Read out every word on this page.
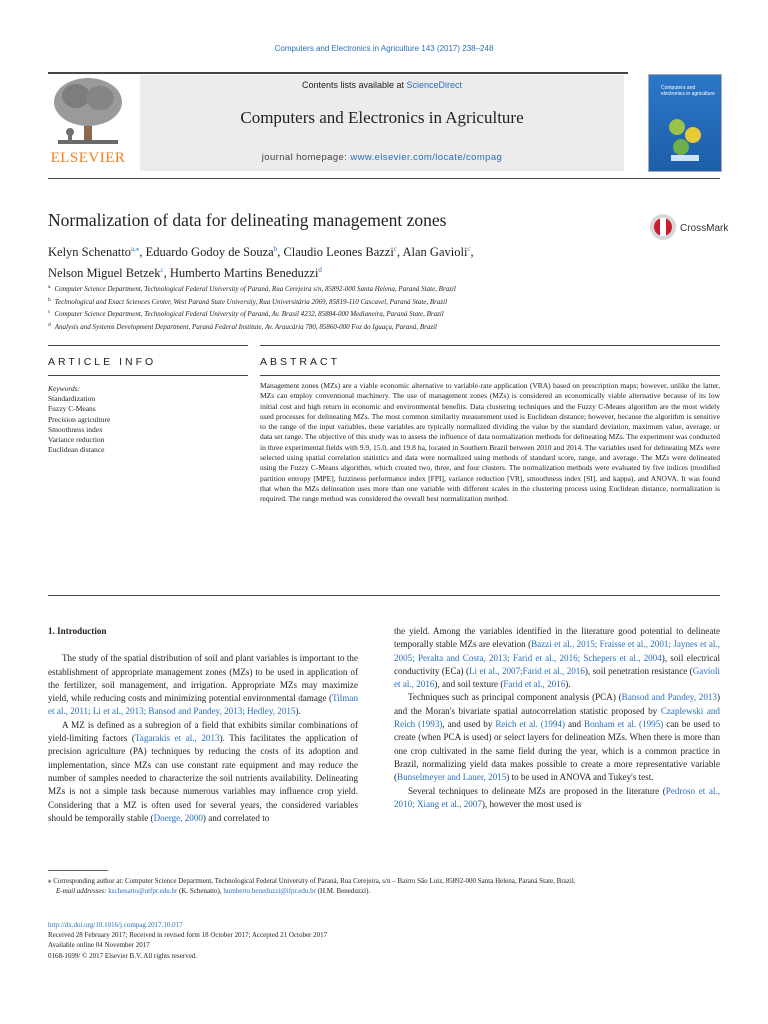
Computers and Electronics in Agriculture 143 (2017) 238–248
ELSEVIER
Contents lists available at ScienceDirect
Computers and Electronics in Agriculture
journal homepage: www.elsevier.com/locate/compag
Computers and electronics in agriculture
Normalization of data for delineating management zones	CrossMark
Kelyn Schenatto$^{a,⁎}$, Eduardo Godoy de Souza$^b$, Claudio Leones Bazzi$^c$, Alan Gavioli$^c$,
Nelson Miguel Betzek$^c$, Humberto Martins Beneduzzi$^d$
$^a$ Computer Science Department, Technological Federal University of Paraná, Rua Cerejeira s/n, 85892-000 Santa Helena, Paraná State, Brazil
$^b$ Technological and Exact Sciences Center, West Paraná State University, Rua Universitária 2069, 85819-110 Cascavel, Paraná State, Brazil
$^c$ Computer Science Department, Technological Federal University of Paraná, Av. Brasil 4232, 85884-000 Medianeira, Paraná State, Brazil
$^d$ Analysis and Systems Development Department, Paraná Federal Institute, Av. Araucária 780, 85860-000 Foz do Iguaçu, Paraná, Brazil
ARTICLE INFO	ABSTRACT
Keywords:
Standardization
Fuzzy C-Means
Precision agriculture
Smoothness index
Variance reduction
Euclidean distance
Management zones (MZs) are a viable economic alternative to variable-rate application (VRA) based on prescription maps; however, unlike the latter, MZs can employ conventional machinery. The use of management zones (MZs) is considered an economically viable alternative because of its low initial cost and high return in economic and environmental benefits. Data clustering techniques and the Fuzzy C-Means algorithm are the most widely used processes for delineating MZs. The most common similarity measurement used is Euclidean distance; however, because the algorithm is sensitive to the range of the input variables, these variables are typically normalized dividing the value by the standard deviation, maximum value, average, or data set range. The objective of this study was to assess the influence of data normalization methods for delineating MZs. The experiment was conducted in three experimental fields with 9.9, 15.0, and 19.8 ha, located in Southern Brazil between 2010 and 2014. The variables used for delineating MZs were selected using spatial correlation statistics and data were normalized using methods of standard score, range, and average. The MZs were delineated using the Fuzzy C-Means algorithm, which created two, three, and four clusters. The normalization methods were evaluated by five indices (modified partition entropy [MPE], fuzziness performance index [FPI], variance reduction [VR], smoothness index [SI], and kappa), and ANOVA. It was found that when the MZs delineation uses more than one variable with different scales in the clustering process using Euclidean distance, normalization is required. The range method was considered the overall best normalization method.

1. Introduction

The study of the spatial distribution of soil and plant variables is important to the establishment of appropriate management zones (MZs) to be used in application of the fertilizer, soil management, and irrigation. Appropriate MZs may maximize yield, while reducing costs and minimizing potential environmental damage (Tilman et al., 2011; Li et al., 2013; Bansod and Pandey, 2013; Hedley, 2015).

A MZ is defined as a subregion of a field that exhibits similar combinations of yield-limiting factors (Tagarakis et al., 2013). This facilitates the application of precision agriculture (PA) techniques by reducing the costs of its adoption and implementation, since MZs can use constant rate equipment and may reduce the number of samples needed to characterize the soil nutrients availability. Delineating MZs is not a simple task because numerous variables may influence crop yield. Considering that a MZ is often used for several years, the considered variables should be temporally stable (Doerge, 2000) and correlated to

the yield. Among the variables identified in the literature good potential to delineate temporally stable MZs are elevation (Bazzi et al., 2015; Fraisse et al., 2001; Jaynes et al., 2005; Peralta and Costa, 2013; Farid et al., 2016; Schepers et al., 2004), soil electrical conductivity (ECa) (Li et al., 2007;Farid et al., 2016), soil penetration resistance (Gavioli et al., 2016), and soil texture (Farid et al., 2016).

Techniques such as principal component analysis (PCA) (Bansod and Pandey, 2013) and the Moran's bivariate spatial autocorrelation statistic proposed by Czaplewski and Reich (1993), and used by Reich et al. (1994) and Bonham et al. (1995) can be used to create (when PCA is used) or select layers for delineation MZs. When there is more than one crop cultivated in the same field during the year, which is a common practice in Brazil, normalizing yield data makes possible to create a more representative variable (Bunselmeyer and Lauer, 2015) to be used in ANOVA and Tukey's test.

Several techniques to delineate MZs are proposed in the literature (Pedroso et al., 2010; Xiang et al., 2007), however the most used is

⁎ Corresponding author at: Computer Science Department, Technological Federal University of Paraná, Rua Cerejeira, s/n – Bairro São Luiz, 85892-000 Santa Helena, Paraná State, Brazil.
E-mail addresses: kschenatto@utfpr.edu.br (K. Schenatto), humberto.beneduzzi@ifpr.edu.br (H.M. Beneduzzi).
http://dx.doi.org/10.1016/j.compag.2017.10.017
Received 28 February 2017; Received in revised form 18 October 2017; Accepted 21 October 2017
Available online 04 November 2017
0168-1699/ © 2017 Elsevier B.V. All rights reserved.
